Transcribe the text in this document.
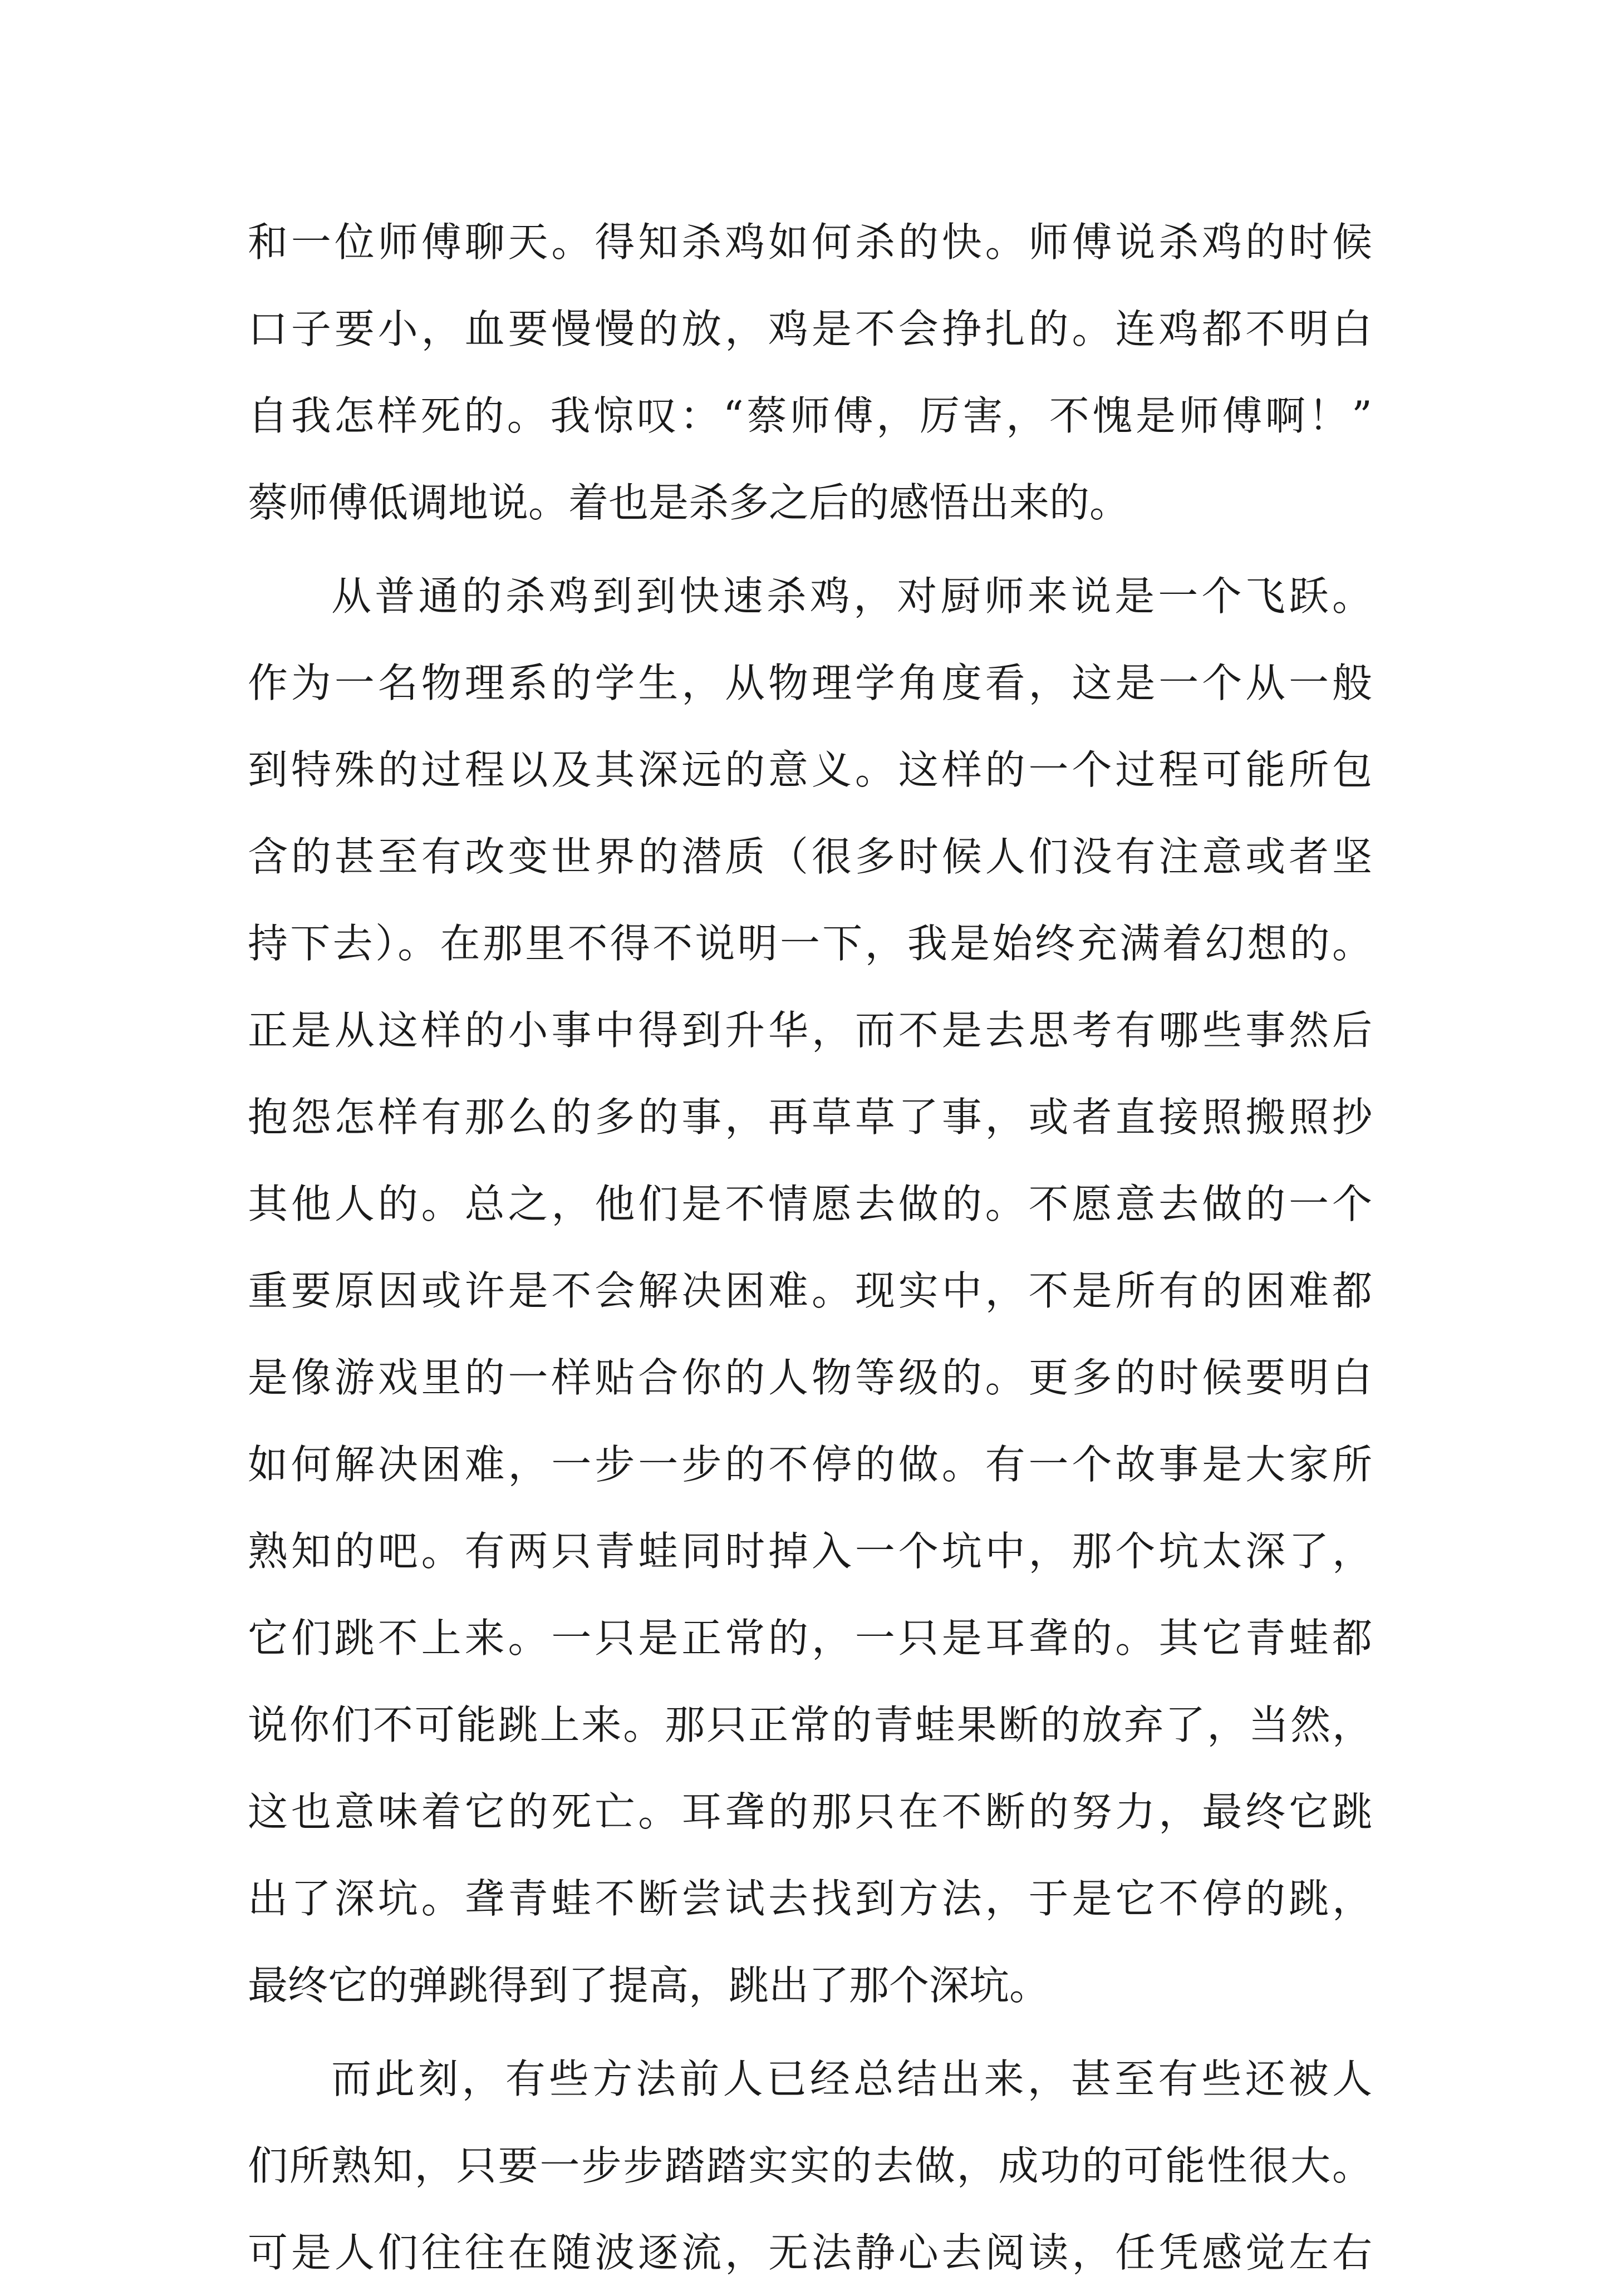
和一位师傅聊天。得知杀鸡如何杀的快。师傅说杀鸡的时候
口子要小，血要慢慢的放，鸡是不会挣扎的。连鸡都不明白
自我怎样死的。我惊叹：“蔡师傅，厉害，不愧是师傅啊！”
蔡师傅低调地说。着也是杀多之后的感悟出来的。
从普通的杀鸡到到快速杀鸡，对厨师来说是一个飞跃。
作为一名物理系的学生，从物理学角度看，这是一个从一般
到特殊的过程以及其深远的意义。这样的一个过程可能所包
含的甚至有改变世界的潜质（很多时候人们没有注意或者坚
持下去）。在那里不得不说明一下，我是始终充满着幻想的。
正是从这样的小事中得到升华，而不是去思考有哪些事然后
抱怨怎样有那么的多的事，再草草了事，或者直接照搬照抄
其他人的。总之，他们是不情愿去做的。不愿意去做的一个
重要原因或许是不会解决困难。现实中，不是所有的困难都
是像游戏里的一样贴合你的人物等级的。更多的时候要明白
如何解决困难，一步一步的不停的做。有一个故事是大家所
熟知的吧。有两只青蛙同时掉入一个坑中，那个坑太深了，
它们跳不上来。一只是正常的，一只是耳聋的。其它青蛙都
说你们不可能跳上来。那只正常的青蛙果断的放弃了，当然，
这也意味着它的死亡。耳聋的那只在不断的努力，最终它跳
出了深坑。聋青蛙不断尝试去找到方法，于是它不停的跳，
最终它的弹跳得到了提高，跳出了那个深坑。
而此刻，有些方法前人已经总结出来，甚至有些还被人
们所熟知，只要一步步踏踏实实的去做，成功的可能性很大。
可是人们往往在随波逐流，无法静心去阅读，任凭感觉左右
